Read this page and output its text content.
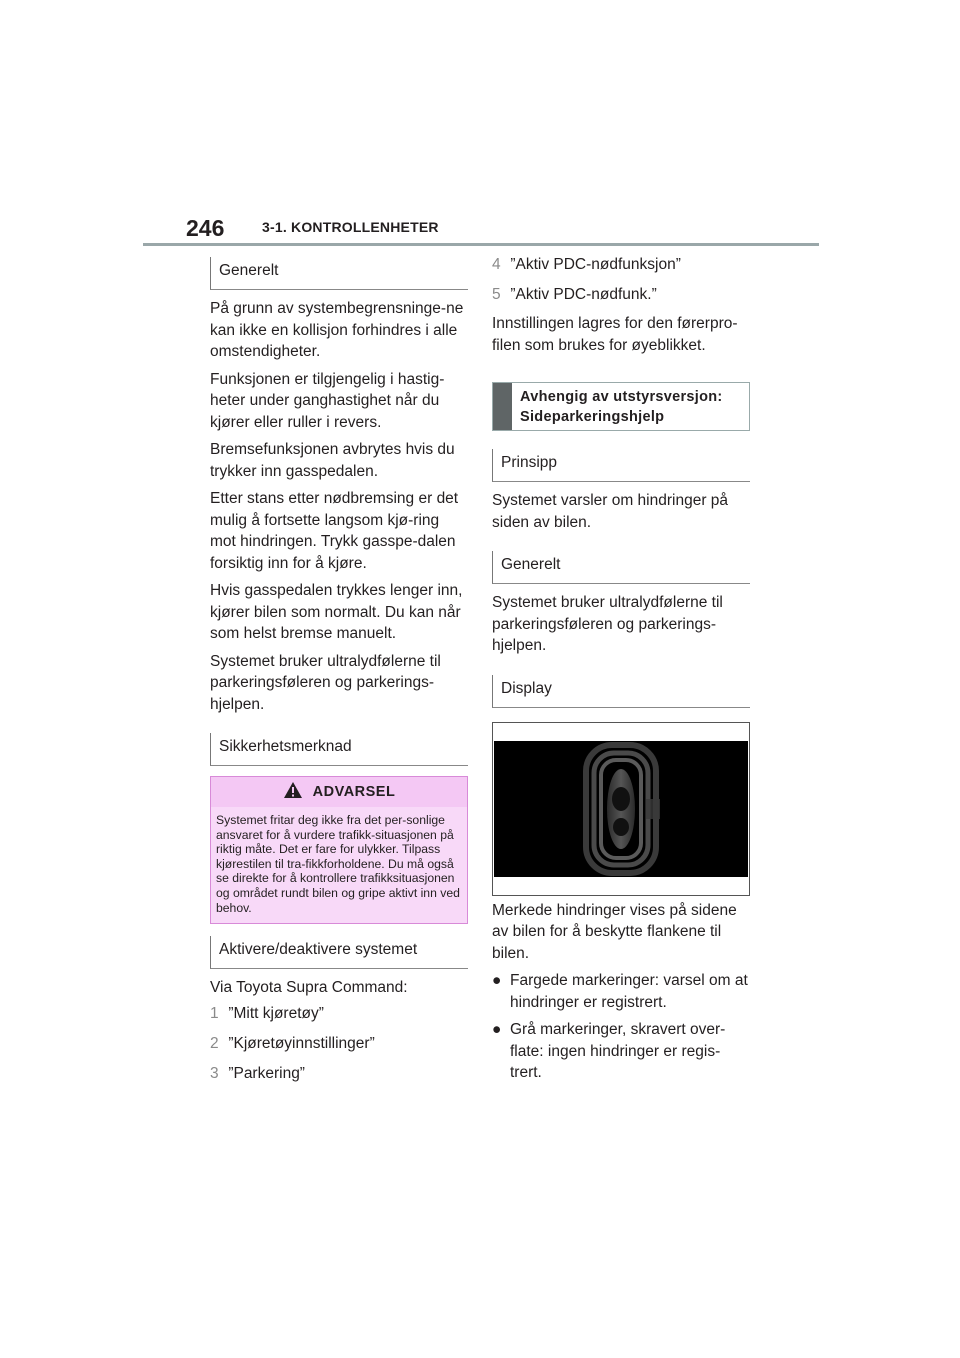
246	3-1. KONTROLLENHETER
Generelt

På grunn av systembegrensninge-ne kan ikke en kollisjon forhindres i alle omstendigheter.

Funksjonen er tilgjengelig i hastig-heter under ganghastighet når du kjører eller ruller i revers.

Bremsefunksjonen avbrytes hvis du trykker inn gasspedalen.

Etter stans etter nødbremsing er det mulig å fortsette langsom kjø-ring mot hindringen. Trykk gasspe-dalen forsiktig inn for å kjøre.

Hvis gasspedalen trykkes lenger inn, kjører bilen som normalt. Du kan når som helst bremse manuelt.

Systemet bruker ultralydfølerne til parkeringsføleren og parkerings-hjelpen.

Sikkerhetsmerknad
ADVARSEL
Systemet fritar deg ikke fra det per-sonlige ansvaret for å vurdere trafikk-situasjonen på riktig måte. Det er fare for ulykker. Tilpass kjørestilen til tra-fikkforholdene. Du må også se direkte for å kontrollere trafikksituasjonen og området rundt bilen og gripe aktivt inn ved behov.
Aktivere/deaktivere systemet
Via Toyota Supra Command:
1 ”Mitt kjøretøy”
2 ”Kjøretøyinnstillinger”
3 ”Parkering”
4 ”Aktiv PDC-nødfunksjon”
5 ”Aktiv PDC-nødfunk.”
Innstillingen lagres for den førerpro-filen som brukes for øyeblikket.
Avhengig av utstyrsversjon:
Sideparkeringshjelp
Prinsipp
Systemet varsler om hindringer på siden av bilen.
Generelt
Systemet bruker ultralydfølerne til parkeringsføleren og parkerings-hjelpen.
Display
Merkede hindringer vises på sidene av bilen for å beskytte flankene til bilen.
● Fargede markeringer: varsel om at hindringer er registrert.
● Grå markeringer, skravert over-flate: ingen hindringer er regis-trert.
